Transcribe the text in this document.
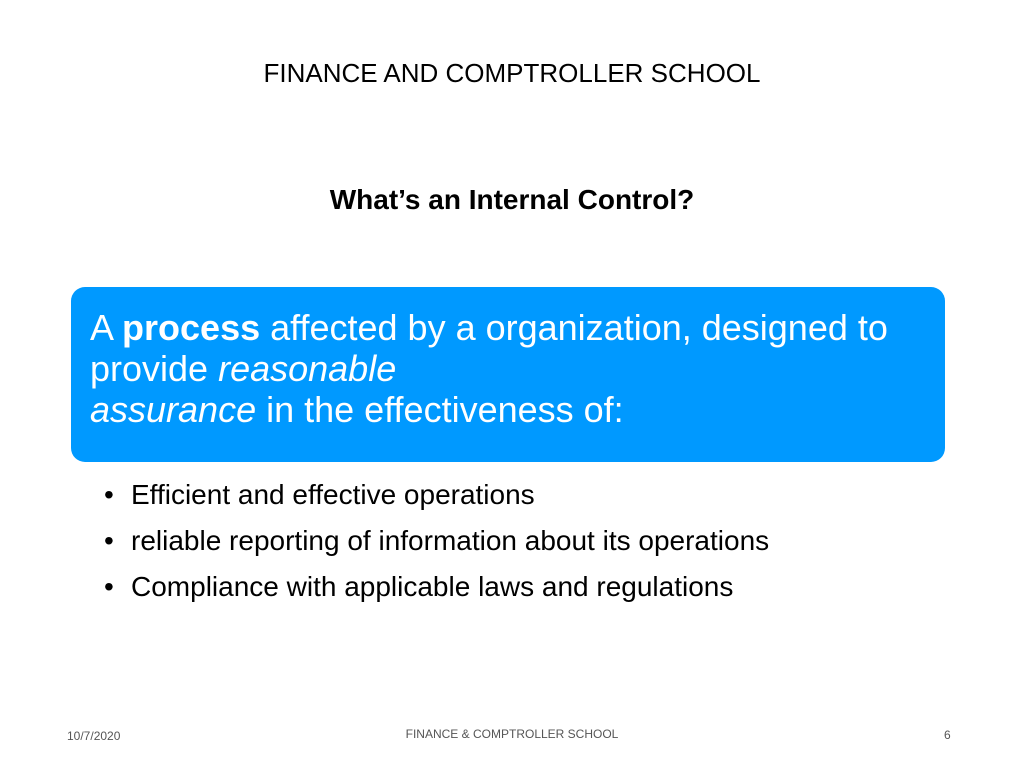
FINANCE AND COMPTROLLER SCHOOL
What’s an Internal Control?
A process affected by a organization, designed to provide reasonable
assurance in the effectiveness of:
• Efficient and effective operations
• reliable reporting of information about its operations
• Compliance with applicable laws and regulations
10/7/2020	FINANCE & COMPTROLLER SCHOOL	6
